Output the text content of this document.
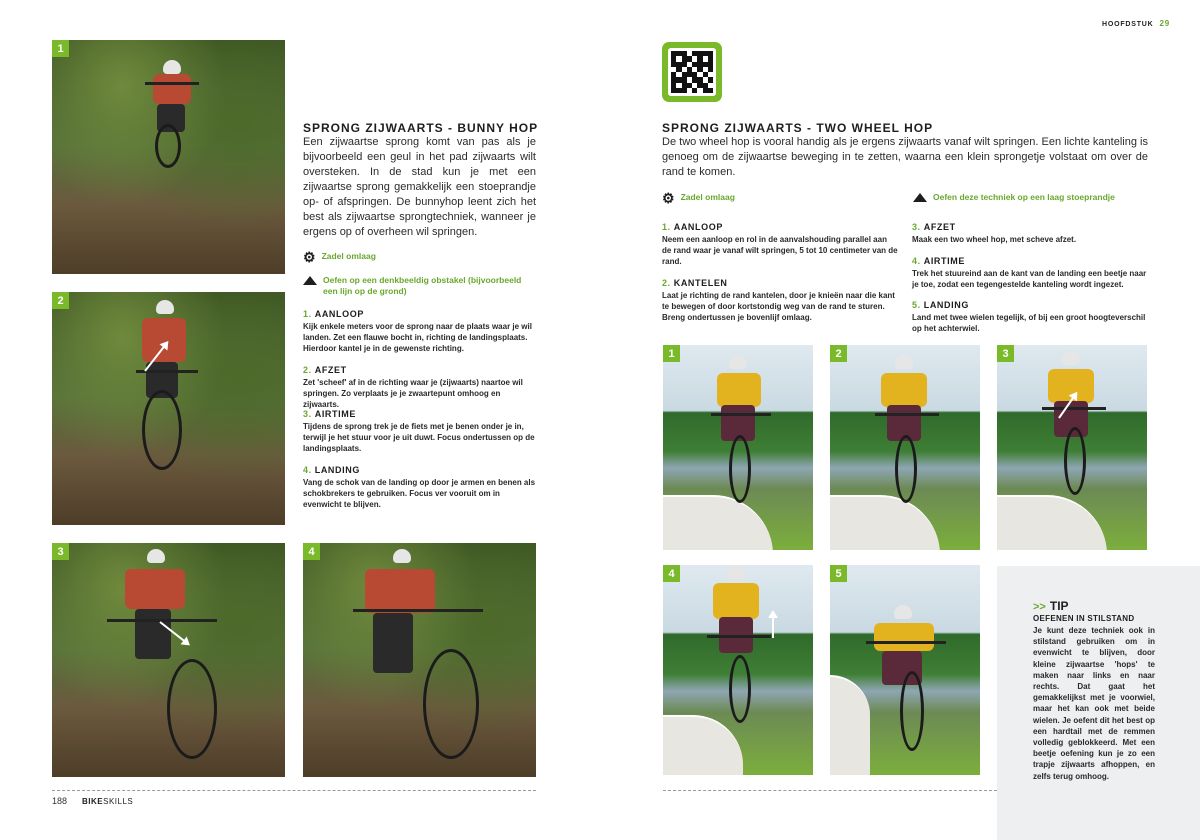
1
2
3	4
SPRONG ZIJWAARTS - BUNNY HOP
Een zijwaartse sprong komt van pas als je bijvoorbeeld een geul in het pad zijwaarts wilt oversteken. In de stad kun je met een zijwaartse sprong gemakkelijk een stoeprandje op- of afspringen. De bunnyhop leent zich het best als zijwaartse sprongtechniek, wanneer je ergens op of overheen wil springen.
⚙ Zadel omlaag
Oefen op een denkbeeldig obstakel (bijvoorbeeld een lijn op de grond)
1. AANLOOP
Kijk enkele meters voor de sprong naar de plaats waar je wil landen. Zet een flauwe bocht in, richting de landingsplaats. Hierdoor kantel je in de gewenste richting.
2. AFZET
Zet 'scheef' af in de richting waar je (zijwaarts) naartoe wil springen. Zo verplaats je je zwaartepunt omhoog en zijwaarts.
3. AIRTIME
Tijdens de sprong trek je de fiets met je benen onder je in, terwijl je het stuur voor je uit duwt. Focus ondertussen op de landingsplaats.
4. LANDING
Vang de schok van de landing op door je armen en benen als schokbrekers te gebruiken. Focus ver vooruit om in evenwicht te blijven.
188 BIKESKILLS
HOOFDSTUK 29
SPRONG ZIJWAARTS - TWO WHEEL HOP
De two wheel hop is vooral handig als je ergens zijwaarts vanaf wilt springen. Een lichte kanteling is genoeg om de zijwaartse beweging in te zetten, waarna een klein sprongetje volstaat om over de rand te komen.
⚙ Zadel omlaag	Oefen deze techniek op een laag stoeprandje
1. AANLOOP
Neem een aanloop en rol in de aanvalshouding parallel aan de rand waar je vanaf wilt springen, 5 tot 10 centimeter van de rand.
2. KANTELEN
Laat je richting de rand kantelen, door je knieën naar die kant te bewegen of door kortstondig weg van de rand te sturen. Breng ondertussen je bovenlijf omlaag.
3. AFZET
Maak een two wheel hop, met scheve afzet.
4. AIRTIME
Trek het stuureind aan de kant van de landing een beetje naar je toe, zodat een tegengestelde kanteling wordt ingezet.
5. LANDING
Land met twee wielen tegelijk, of bij een groot hoogteverschil op het achterwiel.
1	2	3
4	5
>> TIP
OEFENEN IN STILSTAND
Je kunt deze techniek ook in stilstand gebruiken om in evenwicht te blijven, door kleine zijwaartse 'hops' te maken naar links en naar rechts. Dat gaat het gemakkelijkst met je voorwiel, maar het kan ook met beide wielen. Je oefent dit het best op een hardtail met de remmen volledig geblokkeerd. Met een beetje oefening kun je zo een trapje zijwaarts afhoppen, en zelfs terug omhoog.
